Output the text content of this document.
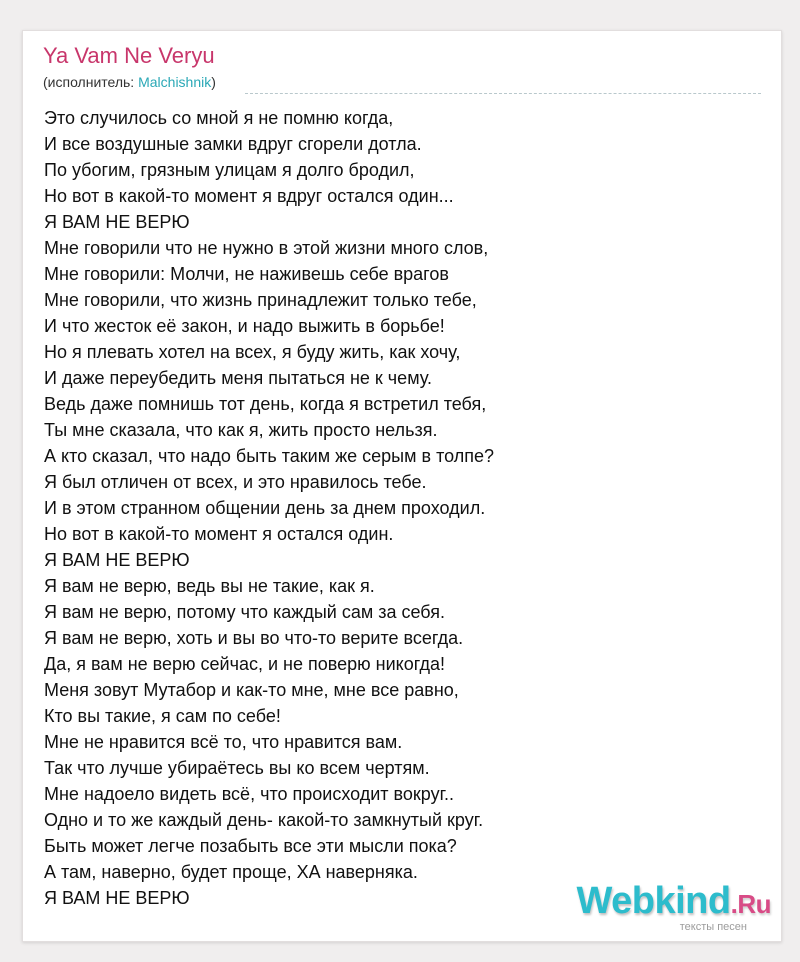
Ya Vam Ne Veryu
(исполнитель: Malchishnik)
Это случилось со мной я не помню когда,
И все воздушные замки вдруг сгорели дотла.
По убогим, грязным улицам я долго бродил,
Но вот в какой-то момент я вдруг остался один...
Я ВАМ НЕ ВЕРЮ
Мне говорили что не нужно в этой жизни много слов,
Мне говорили: Молчи, не наживешь себе врагов
Мне говорили, что жизнь принадлежит только тебе,
И что жесток её закон, и надо выжить в борьбе!
Но я плевать хотел на всех, я буду жить, как хочу,
И даже переубедить меня пытаться не к чему.
Ведь даже помнишь тот день, когда я встретил тебя,
Ты мне сказала, что как я, жить просто нельзя.
А кто сказал, что надо быть таким же серым в толпе?
Я был отличен от всех, и это нравилось тебе.
И в этом странном общении день за днем проходил.
Но вот в какой-то момент я остался один.
Я ВАМ НЕ ВЕРЮ
Я вам не верю, ведь вы не такие, как я.
Я вам не верю, потому что каждый сам за себя.
Я вам не верю, хоть и вы во что-то верите всегда.
Да, я вам не верю сейчас, и не поверю никогда!
Меня зовут Мутабор и как-то мне, мне все равно,
Кто вы такие, я сам по себе!
Мне не нравится всё то, что нравится вам.
Так что лучше убираётесь вы ко всем чертям.
Мне надоело видеть всё, что происходит вокруг..
Одно и то же каждый день- какой-то замкнутый круг.
Быть может легче позабыть все эти мысли пока?
А там, наверно, будет проще, ХА наверняка.
Я ВАМ НЕ ВЕРЮ	Webkind.Ru
тексты песен
